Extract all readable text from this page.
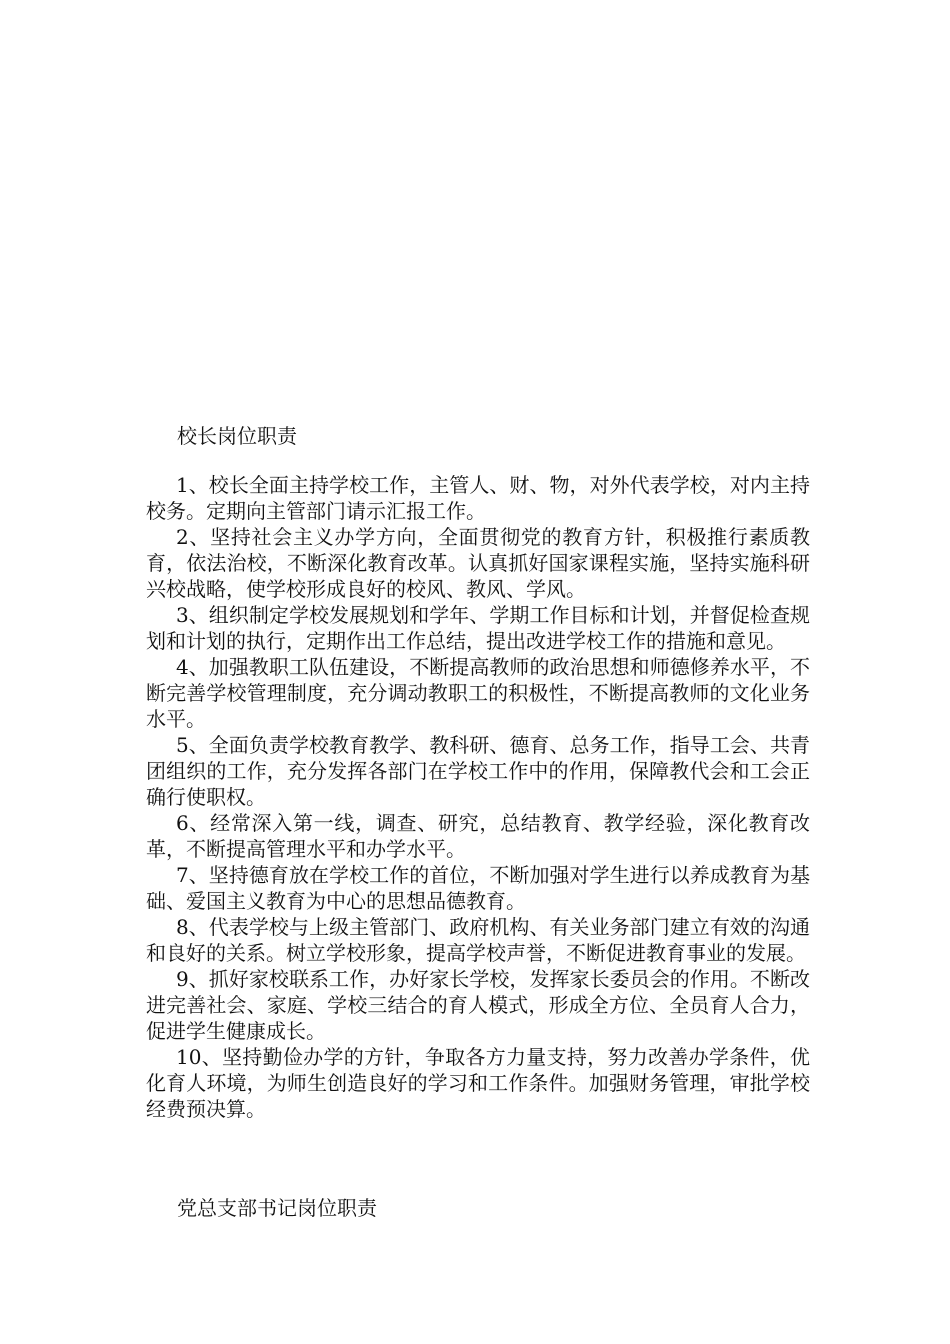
校长岗位职责

1、校长全面主持学校工作，主管人、财、物，对外代表学校，对内主持校务。定期向主管部门请示汇报工作。

2、坚持社会主义办学方向，全面贯彻党的教育方针，积极推行素质教育，依法治校，不断深化教育改革。认真抓好国家课程实施，坚持实施科研兴校战略，使学校形成良好的校风、教风、学风。

3、组织制定学校发展规划和学年、学期工作目标和计划，并督促检查规划和计划的执行，定期作出工作总结，提出改进学校工作的措施和意见。

4、加强教职工队伍建设，不断提高教师的政治思想和师德修养水平，不断完善学校管理制度，充分调动教职工的积极性，不断提高教师的文化业务水平。

5、全面负责学校教育教学、教科研、德育、总务工作，指导工会、共青团组织的工作，充分发挥各部门在学校工作中的作用，保障教代会和工会正确行使职权。

6、经常深入第一线，调查、研究，总结教育、教学经验，深化教育改革，不断提高管理水平和办学水平。

7、坚持德育放在学校工作的首位，不断加强对学生进行以养成教育为基础、爱国主义教育为中心的思想品德教育。

8、代表学校与上级主管部门、政府机构、有关业务部门建立有效的沟通和良好的关系。树立学校形象，提高学校声誉，不断促进教育事业的发展。

9、抓好家校联系工作，办好家长学校，发挥家长委员会的作用。不断改进完善社会、家庭、学校三结合的育人模式，形成全方位、全员育人合力，促进学生健康成长。

10、坚持勤俭办学的方针，争取各方力量支持，努力改善办学条件，优化育人环境，为师生创造良好的学习和工作条件。加强财务管理，审批学校经费预决算。

党总支部书记岗位职责
